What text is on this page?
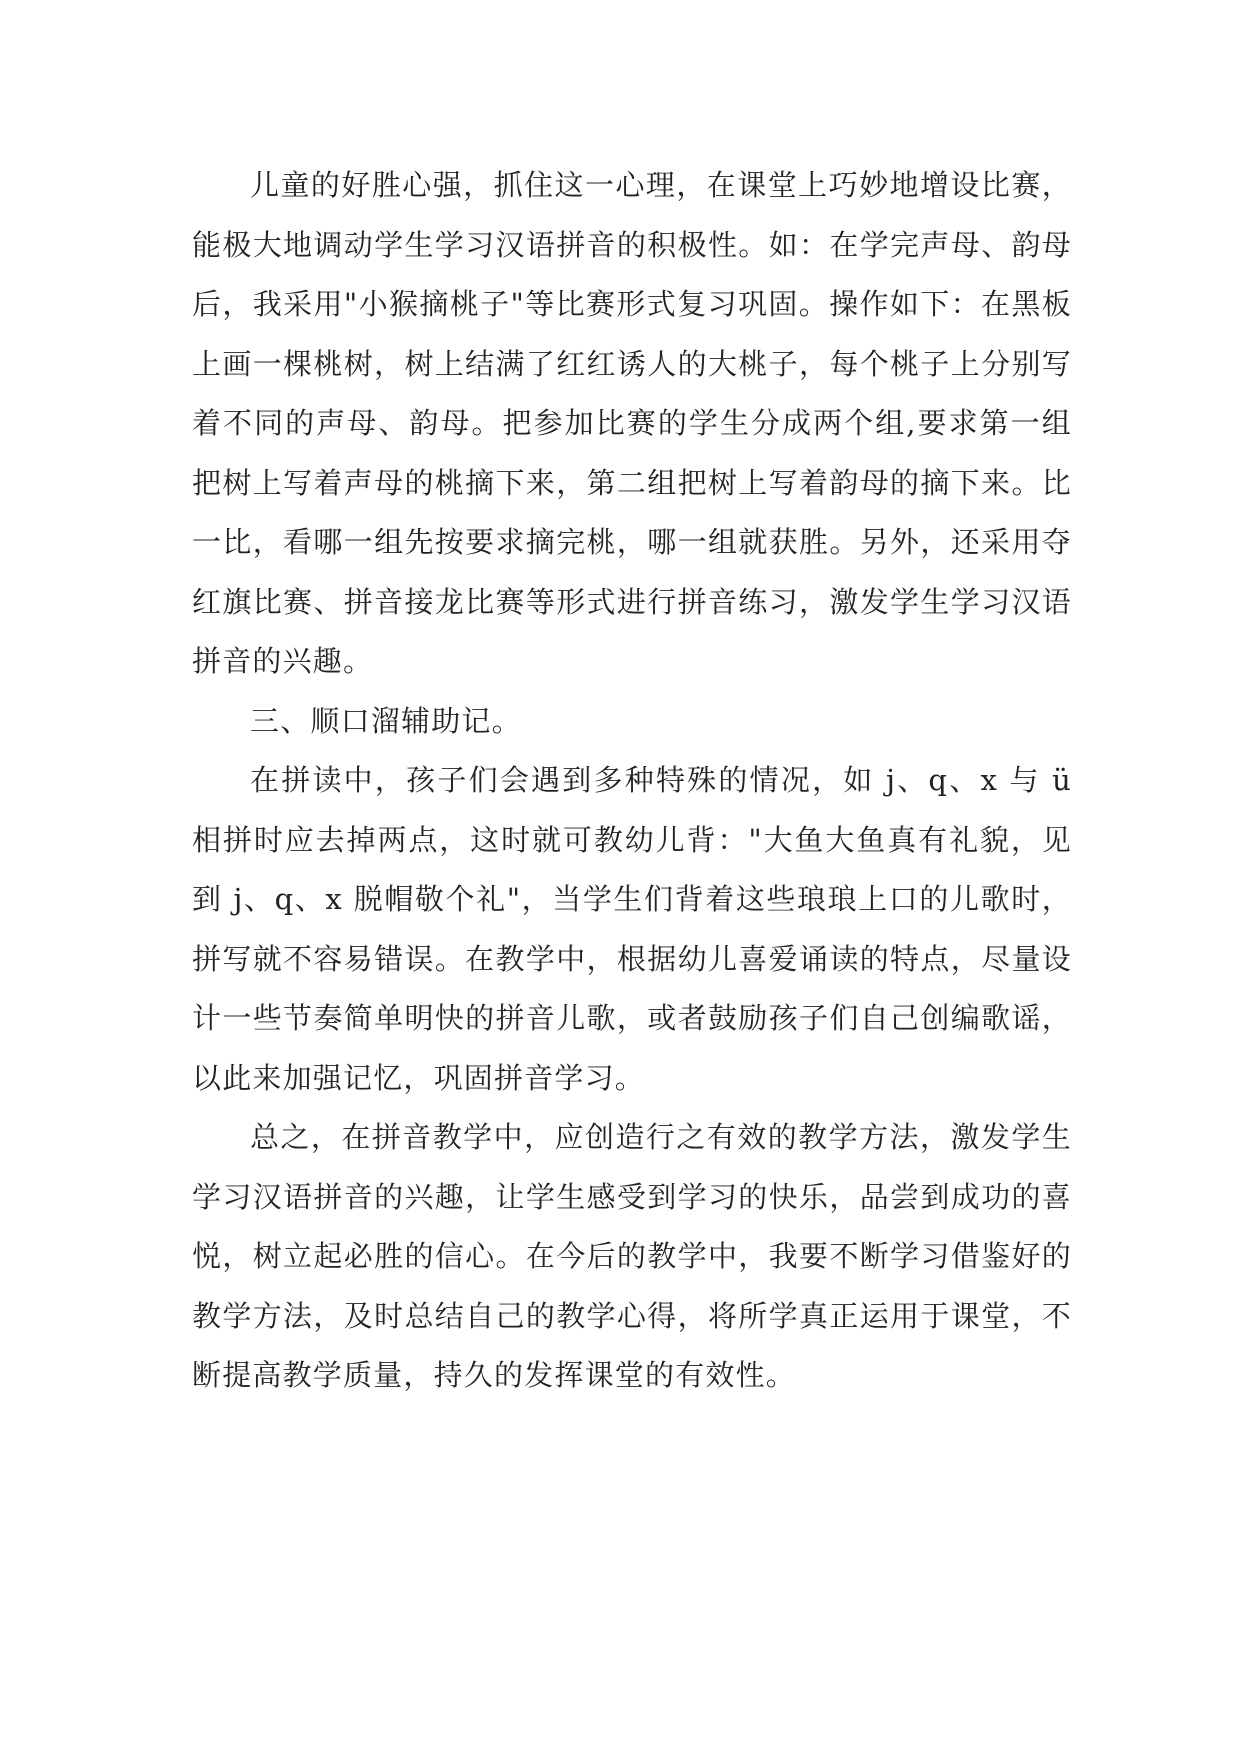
儿童的好胜心强，抓住这一心理，在课堂上巧妙地增设比赛，能极大地调动学生学习汉语拼音的积极性。如：在学完声母、韵母后，我采用"小猴摘桃子"等比赛形式复习巩固。操作如下：在黑板上画一棵桃树，树上结满了红红诱人的大桃子，每个桃子上分别写着不同的声母、韵母。把参加比赛的学生分成两个组,要求第一组把树上写着声母的桃摘下来，第二组把树上写着韵母的摘下来。比一比，看哪一组先按要求摘完桃，哪一组就获胜。另外，还采用夺红旗比赛、拼音接龙比赛等形式进行拼音练习，激发学生学习汉语拼音的兴趣。

三、顺口溜辅助记。

在拼读中，孩子们会遇到多种特殊的情况，如 j、q、x 与 ü 相拼时应去掉两点，这时就可教幼儿背："大鱼大鱼真有礼貌，见到 j、q、x 脱帽敬个礼"，当学生们背着这些琅琅上口的儿歌时，拼写就不容易错误。在教学中，根据幼儿喜爱诵读的特点，尽量设计一些节奏简单明快的拼音儿歌，或者鼓励孩子们自己创编歌谣，以此来加强记忆，巩固拼音学习。

总之，在拼音教学中，应创造行之有效的教学方法，激发学生学习汉语拼音的兴趣，让学生感受到学习的快乐，品尝到成功的喜悦，树立起必胜的信心。在今后的教学中，我要不断学习借鉴好的教学方法，及时总结自己的教学心得，将所学真正运用于课堂，不断提高教学质量，持久的发挥课堂的有效性。
